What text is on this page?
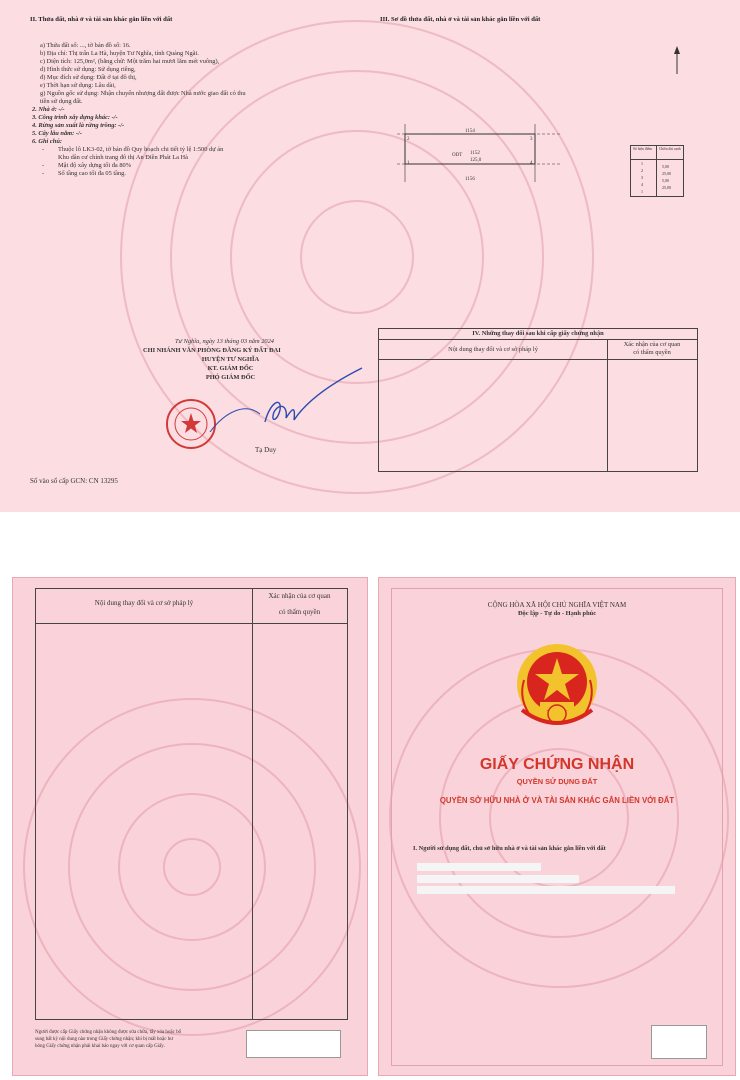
II. Thửa đất, nhà ở và tài sản khác gắn liền với đất
a) Thửa đất số: ..., tờ bản đồ số: 16.
b) Địa chỉ: Thị trấn La Hà, huyện Tư Nghĩa, tỉnh Quảng Ngãi.
c) Diện tích: 125,0m², (bằng chữ: Một trăm hai mươi lăm mét vuông),
d) Hình thức sử dụng: Sử dụng riêng,
đ) Mục đích sử dụng: Đất ở tại đô thị,
e) Thời hạn sử dụng: Lâu dài,
g) Nguồn gốc sử dụng: Nhận chuyển nhượng đất được Nhà nước giao đất có thu
tiền sử dụng đất.
2. Nhà ở: -/-
3. Công trình xây dựng khác: -/-
4. Rừng sản xuất là rừng trồng: -/-
5. Cây lâu năm: -/-
6. Ghi chú:
- Thuộc lô LK3-02, tờ bản đồ Quy hoạch chi tiết tỷ lệ 1:500 dự án
Khu dân cư chỉnh trang đô thị An Điền Phát La Hà
- Mật độ xây dựng tối đa 80%
- Số tầng cao tối đa 05 tầng.
III. Sơ đồ thửa đất, nhà ở và tài sản khác gắn liền với đất
1154
1156
ODT 1152
125,0
2
1
3
4
Số hiệu điểm Chiều dài cạnh
1
5,00
2
25,00
3
5,00
4
25,00
1
Tư Nghĩa, ngày 13 tháng 03 năm 2024
CHI NHÁNH VĂN PHÒNG ĐĂNG KÝ ĐẤT ĐAI
HUYỆN TƯ NGHĨA
KT. GIÁM ĐỐC
PHÓ GIÁM ĐỐC
Tạ Duy
Số vào sổ cấp GCN: CN 13295
IV. Những thay đổi sau khi cấp giấy chứng nhận
Nội dung thay đổi và cơ sở pháp lý
Xác nhận của cơ quan
có thẩm quyền
Nội dung thay đổi và cơ sở pháp lý
Xác nhận của cơ quan
có thẩm quyền
Người được cấp Giấy chứng nhận không được sửa chữa, tẩy xóa hoặc bổ
sung bất kỳ nội dung nào trong Giấy chứng nhận; khi bị mất hoặc hư
hỏng Giấy chứng nhận phải khai báo ngay với cơ quan cấp Giấy.
CỘNG HÒA XÃ HỘI CHỦ NGHĨA VIỆT NAM
Độc lập - Tự do - Hạnh phúc
GIẤY CHỨNG NHẬN
QUYỀN SỬ DỤNG ĐẤT
QUYỀN SỞ HỮU NHÀ Ở VÀ TÀI SẢN KHÁC GẮN LIỀN VỚI ĐẤT
I. Người sử dụng đất, chủ sở hữu nhà ở và tài sản khác gắn liền với đất
